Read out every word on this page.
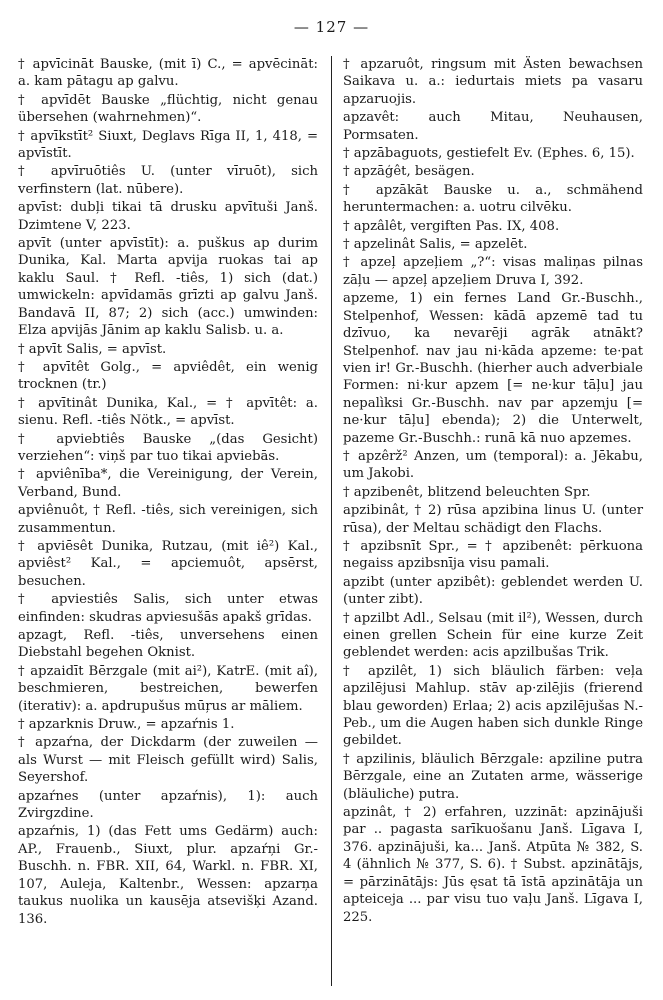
— 127 —

† apvīcināt Bauske, (mit ī) C., = apvēcināt: a. kam pātagu ap galvu.

† apvīdēt Bauske „flüchtig, nicht genau übersehen (wahrnehmen)“.

† apvīkstīt² Siuxt, Deglavs Rīga II, 1, 418, = apvīstīt.

† apvīruōtiês U. (unter vīruōt), sich verfinstern (lat. nūbere).

apvīst: dubļi tikai tā drusku apvītuši Janš. Dzimtene V, 223.

apvīt (unter apvīstīt): a. puškus ap durim Dunika, Kal. Marta apvija ruokas tai ap kaklu Saul. † Refl. -tiês, 1) sich (dat.) umwickeln: apvīdamās grīzti ap galvu Janš. Bandavā II, 87; 2) sich (acc.) umwinden: Elza apvijās Jānim ap kaklu Salisb. u. a.

† apvīt Salis, = apvīst.

† apvītêt Golg., = apviêdêt, ein wenig trocknen (tr.)

† apvītinât Dunika, Kal., = † apvītêt: a. sienu. Refl. -tiês Nötk., = apvīst.

† apviebtiês Bauske „(das Gesicht) verziehen“: viņš par tuo tikai apviebās.

† apviênība*, die Vereinigung, der Verein, Verband, Bund.

apviênuôt, † Refl. -tiês, sich vereinigen, sich zusammentun.

† apviēsêt Dunika, Rutzau, (mit iê²) Kal., apviêst² Kal., = apciemuôt, apsērst, besuchen.

† apviestiês Salis, sich unter etwas einfinden: skudras apviesušās apakš grīdas.

apzagt, Refl. -tiês, unversehens einen Diebstahl begehen Oknist.

† apzaidīt Bērzgale (mit ai²), KatrE. (mit aî), beschmieren, bestreichen, bewerfen (iterativ): a. apdrupušus mūŗus ar māliem.

† apzarknis Druw., = apzaŕnis 1.

† apzaŕna, der Dickdarm (der zuweilen — als Wurst — mit Fleisch gefüllt wird) Salis, Seyershof.

apzaŕnes (unter apzaŕnis), 1): auch Zvirgzdine.

apzaŕnis, 1) (das Fett ums Gedärm) auch: AP., Frauenb., Siuxt, plur. apzaŕņi Gr.-Buschh. n. FBR. XII, 64, Warkl. n. FBR. XI, 107, Auleja, Kaltenbr., Wessen: apzarņa taukus nuolika un kausēja atsevišķi Azand. 136.

† apzaruôt, ringsum mit Ästen bewachsen Saikava u. a.: iedurtais miets pa vasaru apzaruojis.

apzavêt: auch Mitau, Neuhausen, Pormsaten.

† apzābaguots, gestiefelt Ev. (Ephes. 6, 15).

† apzāģêt, besägen.

† apzākāt Bauske u. a., schmähend heruntermachen: a. uotru cilvēku.

† apzâlêt, vergiften Pas. IX, 408.

† apzelinât Salis, = apzelēt.

† apzeļ apzeļiem „?“: visas maliņas pilnas zāļu — apzeļ apzeļiem Druva I, 392.

apzeme, 1) ein fernes Land Gr.-Buschh., Stelpenhof, Wessen: kādā apzemē tad tu dzīvuo, ka nevarēji agrāk atnākt? Stelpenhof. nav jau ni·kāda apzeme: te·pat vien ir! Gr.-Buschh. (hierher auch adverbiale Formen: ni·kur apzem [= ne·kur tāļu] jau nepalìksi Gr.-Buschh. nav par apzemju [= ne·kur tāļu] ebenda); 2) die Unterwelt, pazeme Gr.-Buschh.: runā kā nuo apzemes.

† apzêrž² Anzen, um (temporal): a. Jēkabu, um Jakobi.

† apzibenêt, blitzend beleuchten Spr.

apzibinât, † 2) rūsa apzibina linus U. (unter rūsa), der Meltau schädigt den Flachs.

† apzibsnīt Spr., = † apzibenêt: pērkuona negaiss apzibsnīja visu pamali.

apzibt (unter apzibêt): geblendet werden U. (unter zibt).

† apzilbt Adl., Selsau (mit il²), Wessen, durch einen grellen Schein für eine kurze Zeit geblendet werden: acis apzilbušas Trik.

† apzilêt, 1) sich bläulich färben: veļa apzilējusi Mahlup. stāv ap·zilējis (frierend blau geworden) Erlaa; 2) acis apzilējušas N.-Peb., um die Augen haben sich dunkle Ringe gebildet.

† apzilinis, bläulich Bērzgale: apziline putra Bērzgale, eine an Zutaten arme, wässerige (bläuliche) putra.

apzinât, † 2) erfahren, uzzināt: apzinājuši par .. pagasta sarīkuošanu Janš. Līgava I, 376. apzinājuši, ka... Janš. Atpūta № 382, S. 4 (ähnlich № 377, S. 6). † Subst. apzinātājs, = pārzinātājs: Jūs ęsat tā īstā apzinātāja un apteiceja ... par visu tuo vaļu Janš. Līgava I, 225.
